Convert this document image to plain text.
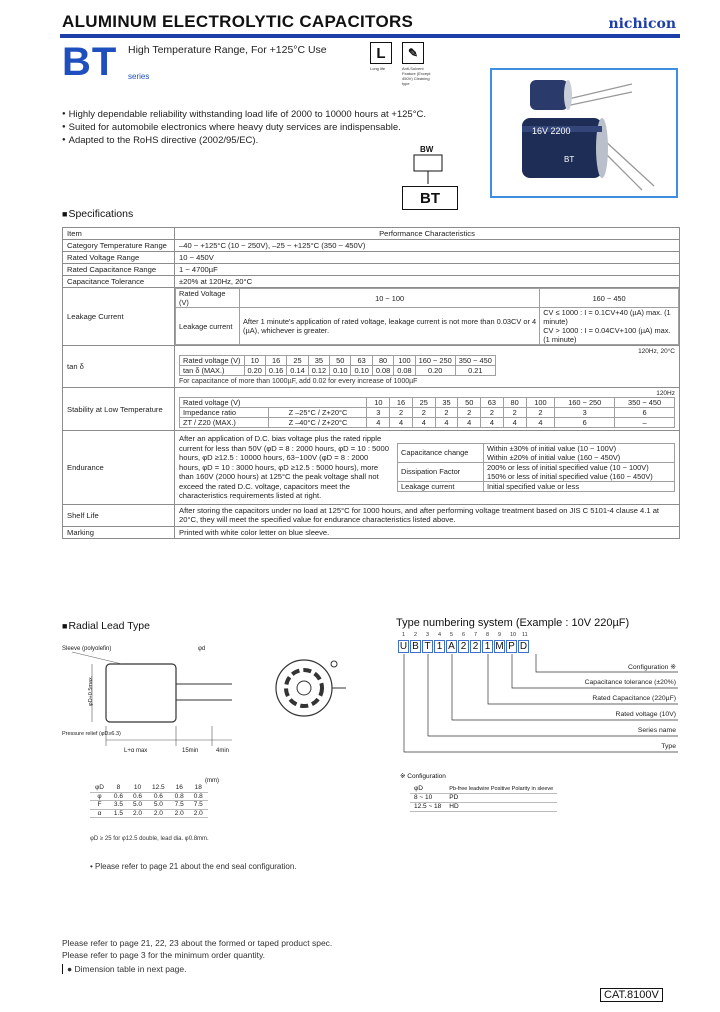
ALUMINUM ELECTROLYTIC CAPACITORS	nichicon
BT series
High Temperature Range, For +125°C Use	L
Long life
✎
Anti-Solvent Feature (Except 450V) Cleaning type
● Highly dependable reliability withstanding load life of 2000 to 10000 hours at +125°C.
● Suited for automobile electronics where heavy duty services are indispensable.
● Adapted to the RoHS directive (2002/95/EC).
16V 2200
BT
BW
BT
■ Specifications
Item	Performance Characteristics
Category Temperature Range	–40 ~ +125°C (10 ~ 250V), –25 ~ +125°C (350 ~ 450V)
Rated Voltage Range	10 ~ 450V
Rated Capacitance Range	1 ~ 4700µF
Capacitance Tolerance	±20% at 120Hz, 20°C
Leakage Current	
Rated Voltage (V)	10 ~ 100	160 ~ 450
Leakage current	After 1 minute's application of rated voltage, leakage current is not more than 0.03CV or 4 (µA), whichever is greater.	
CV ≤ 1000 : I = 0.1CV+40 (µA) max. (1 minute)
CV > 1000 : I = 0.04CV+100 (µA) max. (1 minute)

tan δ	
120Hz, 20°C
Rated voltage (V)	10	16	25	35	50	63	80	100	160 ~ 250	350 ~ 450
tan δ (MAX.)	0.20	0.16	0.14	0.12	0.10	0.10	0.08	0.08	0.20	0.21
For capacitance of more than 1000µF, add 0.02 for every increase of 1000µF

Stability at Low Temperature	
120Hz
Rated voltage (V)	10	16	25	35	50	63	80	100	160 ~ 250	350 ~ 450
Impedance ratio	Z –25°C / Z+20°C	3	2	2	2	2	2	2	2	3	6
ZT / Z20 (MAX.)	Z –40°C / Z+20°C	4	4	4	4	4	4	4	4	6	–

Endurance	
After an application of D.C. bias voltage plus the rated ripple current for less than 50V (φD = 8 : 2000 hours, φD = 10 : 5000 hours, φD ≥12.5 : 10000 hours, 63~100V (φD = 8 : 2000 hours, φD = 10 : 3000 hours, φD ≥12.5 : 5000 hours), more than 160V (2000 hours) at 125°C the peak voltage shall not exceed the rated D.C. voltage, capacitors meet the characteristics requirements listed at right.
Capacitance change	Within ±30% of initial value (10 ~ 100V)
Within ±20% of initial value (160 ~ 450V)

Dissipation Factor	200% or less of initial specified value (10 ~ 100V)
150% or less of initial specified value (160 ~ 450V)

Leakage current	Initial specified value or less

Shelf Life	After storing the capacitors under no load at 125°C for 1000 hours, and after performing voltage treatment based on JIS C 5101-4 clause 4.1 at 20°C, they will meet the specified value for endurance characteristics listed above.
Marking	Printed with white color letter on blue sleeve.
■ Radial Lead Type
Sleeve (polyolefin)	φd
φD+0.5max.
Pressure relief (φD≥6.3)
L+α max	15min	4min
(mm)
φD	8	10	12.5	16	18
φ	0.6	0.6	0.6	0.8	0.8
F	3.5	5.0	5.0	7.5	7.5
α	1.5	2.0	2.0	2.0	2.0
φD ≥ 25 for φ12.5 double, lead dia. φ0.8mm.
• Please refer to page 21 about the end seal configuration.
Type numbering system (Example : 10V 220µF)
1
U
2
B
3
T
4
1
5
A
6
2
7
2
8
1
9
M
10
P
11
D
Configuration ※
Capacitance tolerance (±20%)
Rated Capacitance (220µF)
Rated voltage (10V)
Series name
Type
※ Configuration
φD	Pb-free leadwire Positive Polarity in sleeve
8 ~ 10	PD
12.5 ~ 18	HD
Please refer to page 21, 22, 23 about the formed or taped product spec.
Please refer to page 3 for the minimum order quantity.
● Dimension table in next page.
CAT.8100V
